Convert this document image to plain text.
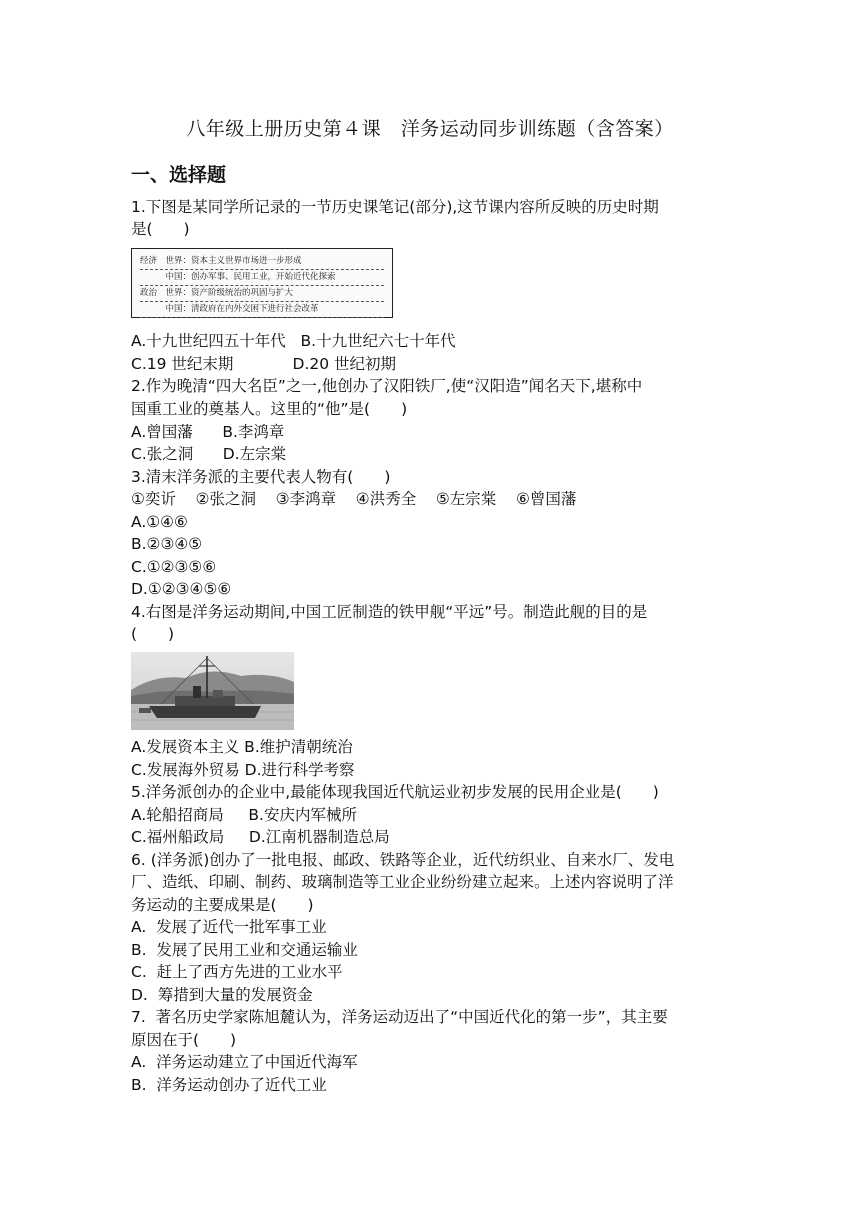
八年级上册历史第４课　洋务运动同步训练题（含答案）
一、选择题
1.下图是某同学所记录的一节历史课笔记(部分),这节课内容所反映的历史时期
是(　　)
经济　世界：资本主义世界市场进一步形成
　　　中国：创办军事、民用工业，开始近代化探索
政治　世界：资产阶级统治的巩固与扩大
　　　中国：清政府在内外交困下进行社会改革
A.十九世纪四五十年代   B.十九世纪六七十年代
C.19 世纪末期            D.20 世纪初期
2.作为晚清“四大名臣”之一,他创办了汉阳铁厂,使“汉阳造”闻名天下,堪称中
国重工业的奠基人。这里的“他”是(　　)
A.曾国藩      B.李鸿章
C.张之洞      D.左宗棠
3.清末洋务派的主要代表人物有(　　)
①奕䜣    ②张之洞    ③李鸿章    ④洪秀全    ⑤左宗棠    ⑥曾国藩
A.①④⑥
B.②③④⑤
C.①②③⑤⑥
D.①②③④⑤⑥
4.右图是洋务运动期间,中国工匠制造的铁甲舰“平远”号。制造此舰的目的是
(　　)
A.发展资本主义 B.维护清朝统治
C.发展海外贸易 D.进行科学考察
5.洋务派创办的企业中,最能体现我国近代航运业初步发展的民用企业是(　　)
A.轮船招商局     B.安庆内军械所
C.福州船政局     D.江南机器制造总局
6. (洋务派)创办了一批电报、邮政、铁路等企业，近代纺织业、自来水厂、发电
厂、造纸、印刷、制药、玻璃制造等工业企业纷纷建立起来。上述内容说明了洋
务运动的主要成果是(　　)
A.  发展了近代一批军事工业
B.  发展了民用工业和交通运输业
C.  赶上了西方先进的工业水平
D.  筹措到大量的发展资金
7.  著名历史学家陈旭麓认为，洋务运动迈出了“中国近代化的第一步”，其主要
原因在于(　　)
A.  洋务运动建立了中国近代海军
B.  洋务运动创办了近代工业
